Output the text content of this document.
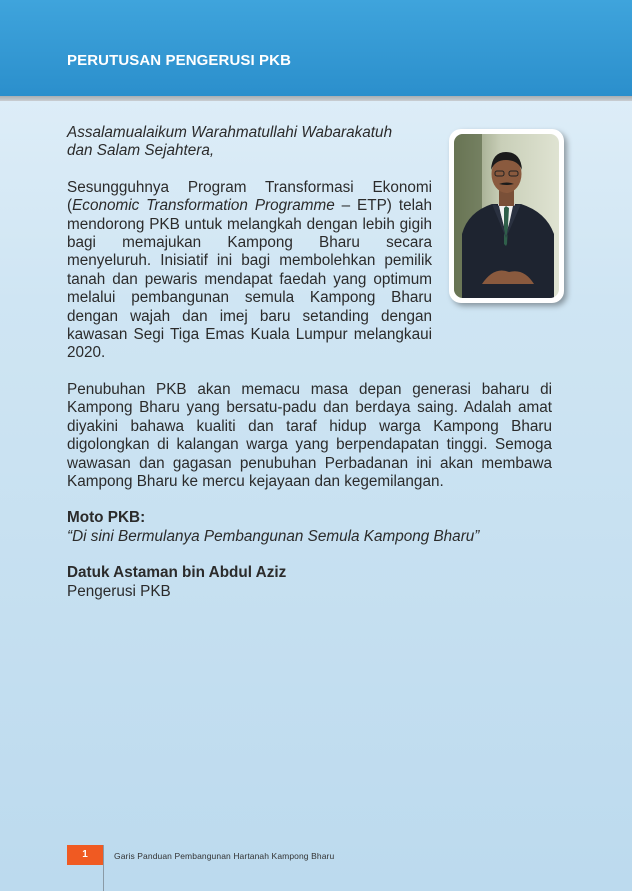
PERUTUSAN PENGERUSI PKB

Assalamualaikum Warahmatullahi Wabarakatuh
dan Salam Sejahtera,

Sesungguhnya Program Transformasi Ekonomi (Economic Transformation Programme – ETP) telah mendorong PKB untuk melangkah dengan lebih gigih bagi memajukan Kampong Bharu secara menyeluruh. Inisiatif ini bagi membolehkan pemilik tanah dan pewaris mendapat faedah yang optimum melalui pembangunan semula Kampong Bharu dengan wajah dan imej baru setanding dengan kawasan Segi Tiga Emas Kuala Lumpur melangkaui 2020.

Penubuhan PKB akan memacu masa depan generasi baharu di Kampong Bharu yang bersatu-padu dan berdaya saing. Adalah amat diyakini bahawa kualiti dan taraf hidup warga Kampong Bharu digolongkan di kalangan warga yang berpendapatan tinggi. Semoga wawasan dan gagasan penubuhan Perbadanan ini akan membawa Kampong Bharu ke mercu kejayaan dan kegemilangan.

Moto PKB:

“Di sini Bermulanya Pembangunan Semula Kampong Bharu”

Datuk Astaman bin Abdul Aziz

Pengerusi PKB

1	Garis Panduan Pembangunan Hartanah Kampong Bharu
